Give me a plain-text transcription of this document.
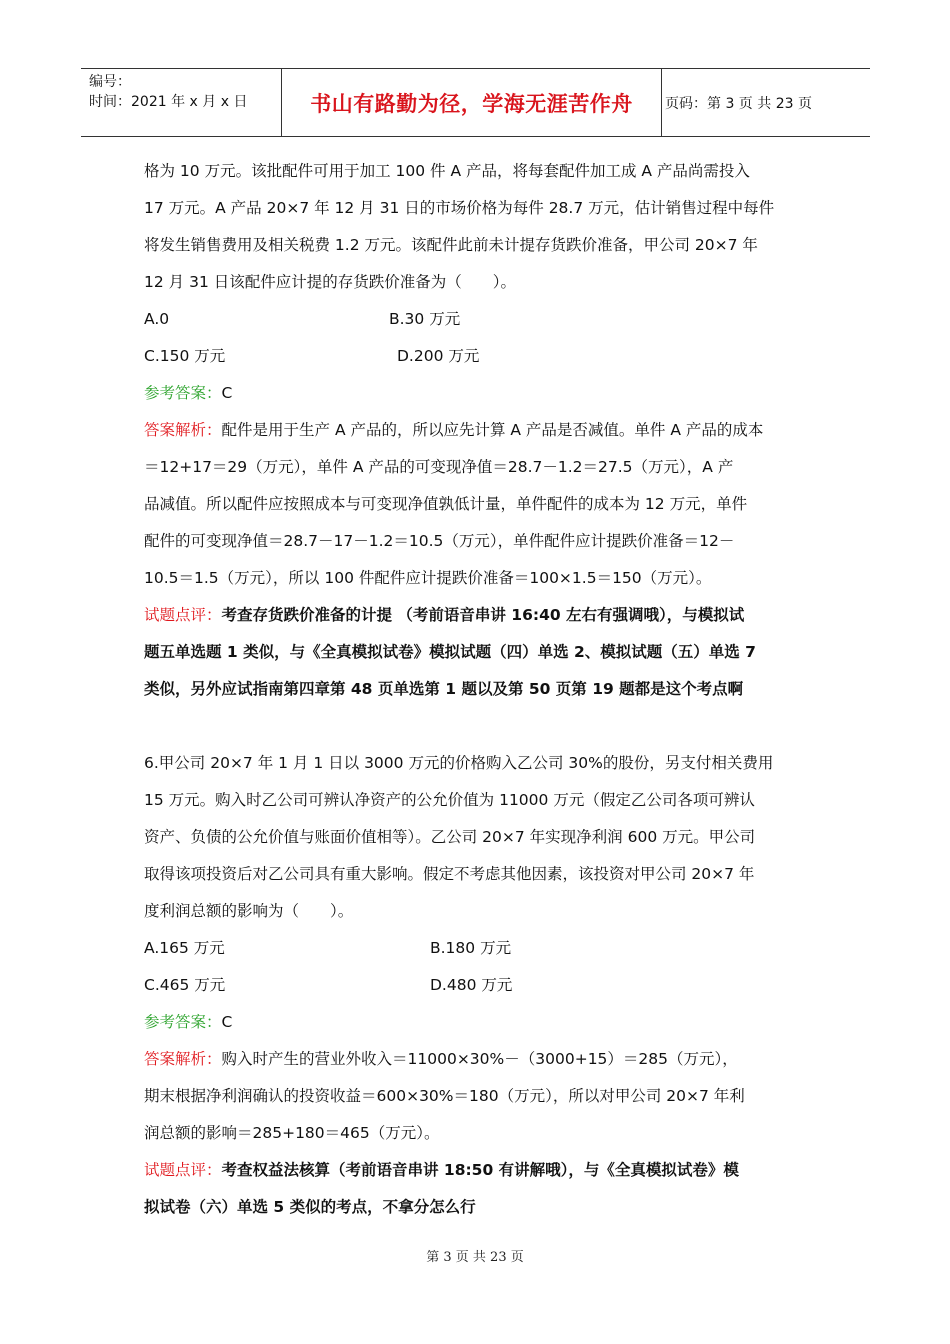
编号：
时间：2021 年 x 月 x 日	书山有路勤为径，学海无涯苦作舟	页码：第 3 页 共 23 页
格为 10 万元。该批配件可用于加工 100 件 A 产品，将每套配件加工成 A 产品尚需投入
17 万元。A 产品 20×7 年 12 月 31 日的市场价格为每件 28.7 万元，估计销售过程中每件
将发生销售费用及相关税费 1.2 万元。该配件此前未计提存货跌价准备，甲公司 20×7 年
12 月 31 日该配件应计提的存货跌价准备为（　　）。
A.0	B.30 万元
C.150 万元	D.200 万元
参考答案：C
答案解析：配件是用于生产 A 产品的，所以应先计算 A 产品是否减值。单件 A 产品的成本
＝12+17＝29（万元），单件 A 产品的可变现净值＝28.7－1.2＝27.5（万元），A 产
品减值。所以配件应按照成本与可变现净值孰低计量，单件配件的成本为 12 万元，单件
配件的可变现净值＝28.7－17－1.2＝10.5（万元），单件配件应计提跌价准备＝12－
10.5＝1.5（万元），所以 100 件配件应计提跌价准备＝100×1.5＝150（万元）。
试题点评：考查存货跌价准备的计提 （考前语音串讲 16:40 左右有强调哦），与模拟试
题五单选题 1 类似，与《全真模拟试卷》模拟试题（四）单选 2、模拟试题（五）单选 7
类似，另外应试指南第四章第 48 页单选第 1 题以及第 50 页第 19 题都是这个考点啊
6.甲公司 20×7 年 1 月 1 日以 3000 万元的价格购入乙公司 30%的股份，另支付相关费用
15 万元。购入时乙公司可辨认净资产的公允价值为 11000 万元（假定乙公司各项可辨认
资产、负债的公允价值与账面价值相等）。乙公司 20×7 年实现净利润 600 万元。甲公司
取得该项投资后对乙公司具有重大影响。假定不考虑其他因素，该投资对甲公司 20×7 年
度利润总额的影响为（　　）。
A.165 万元	B.180 万元
C.465 万元	D.480 万元
参考答案：C
答案解析：购入时产生的营业外收入＝11000×30%－（3000+15）＝285（万元），
期末根据净利润确认的投资收益＝600×30%＝180（万元），所以对甲公司 20×7 年利
润总额的影响＝285+180＝465（万元）。
试题点评：考查权益法核算（考前语音串讲 18:50 有讲解哦），与《全真模拟试卷》模
拟试卷（六）单选 5 类似的考点，不拿分怎么行
第 3 页 共 23 页
